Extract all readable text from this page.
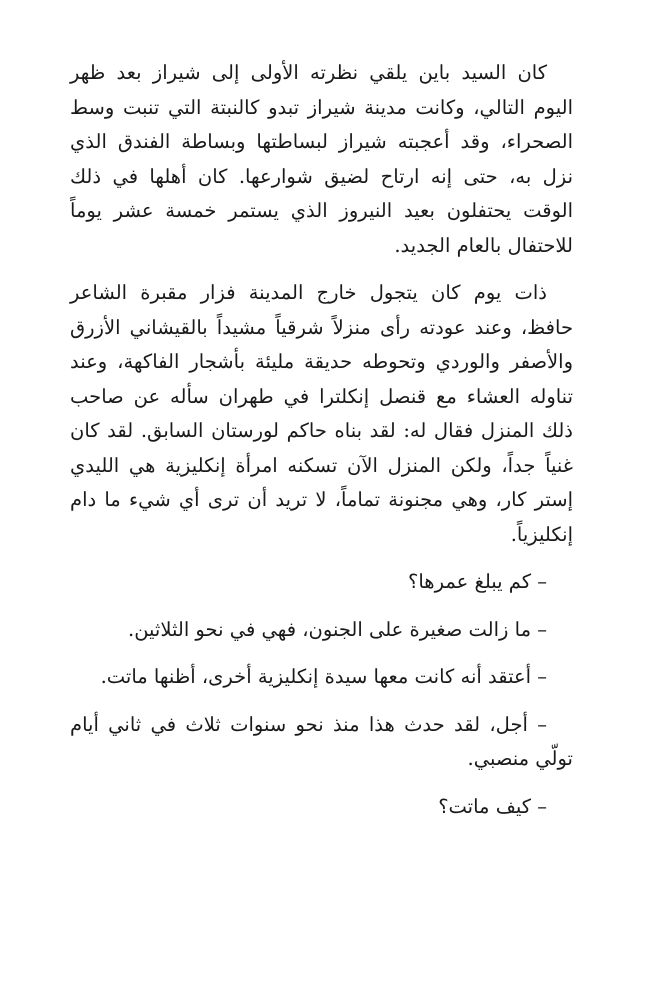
كان السيد باين يلقي نظرته الأولى إلى شيراز بعد ظهر اليوم التالي، وكانت مدينة شيراز تبدو كالنبتة التي تنبت وسط الصحراء، وقد أعجبته شيراز لبساطتها وبساطة الفندق الذي نزل به، حتى إنه ارتاح لضيق شوارعها. كان أهلها في ذلك الوقت يحتفلون بعيد النيروز الذي يستمر خمسة عشر يوماً للاحتفال بالعام الجديد.

ذات يوم كان يتجول خارج المدينة فزار مقبرة الشاعر حافظ، وعند عودته رأى منزلاً شرقياً مشيداً بالقيشاني الأزرق والأصفر والوردي وتحوطه حديقة مليئة بأشجار الفاكهة، وعند تناوله العشاء مع قنصل إنكلترا في طهران سأله عن صاحب ذلك المنزل فقال له: لقد بناه حاكم لورستان السابق. لقد كان غنياً جداً، ولكن المنزل الآن تسكنه امرأة إنكليزية هي الليدي إستر كار، وهي مجنونة تماماً، لا تريد أن ترى أي شيء ما دام إنكليزياً.

– كم يبلغ عمرها؟

– ما زالت صغيرة على الجنون، فهي في نحو الثلاثين.

– أعتقد أنه كانت معها سيدة إنكليزية أخرى، أظنها ماتت.

– أجل، لقد حدث هذا منذ نحو سنوات ثلاث في ثاني أيام تولّي منصبي.

– كيف ماتت؟
